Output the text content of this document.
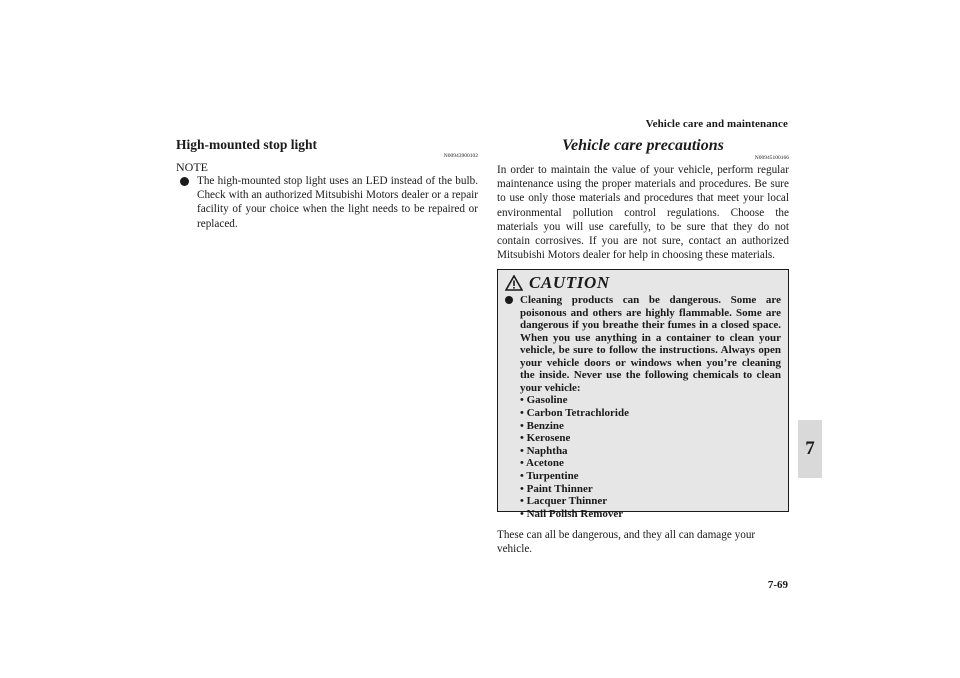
Vehicle care and maintenance
7
High-mounted stop light
N00943900102
NOTE
The high-mounted stop light uses an LED instead of the bulb. Check with an authorized Mitsubishi Motors dealer or a repair facility of your choice when the light needs to be repaired or replaced.
Vehicle care precautions
N00945100166
In order to maintain the value of your vehicle, perform regular maintenance using the proper materials and procedures. Be sure to use only those materials and procedures that meet your local environmental pollution control regulations. Choose the materials you will use carefully, to be sure that they do not contain corrosives. If you are not sure, contact an authorized Mitsubishi Motors dealer for help in choosing these materials.
CAUTION
Cleaning products can be dangerous. Some are poisonous and others are highly flammable. Some are dangerous if you breathe their fumes in a closed space. When you use anything in a container to clean your vehicle, be sure to follow the instructions. Always open your vehicle doors or windows when you’re cleaning the inside. Never use the following chemicals to clean your vehicle:
• Gasoline
• Carbon Tetrachloride
• Benzine
• Kerosene
• Naphtha
• Acetone
• Turpentine
• Paint Thinner
• Lacquer Thinner
• Nail Polish Remover
These can all be dangerous, and they all can damage your vehicle.
7-69
